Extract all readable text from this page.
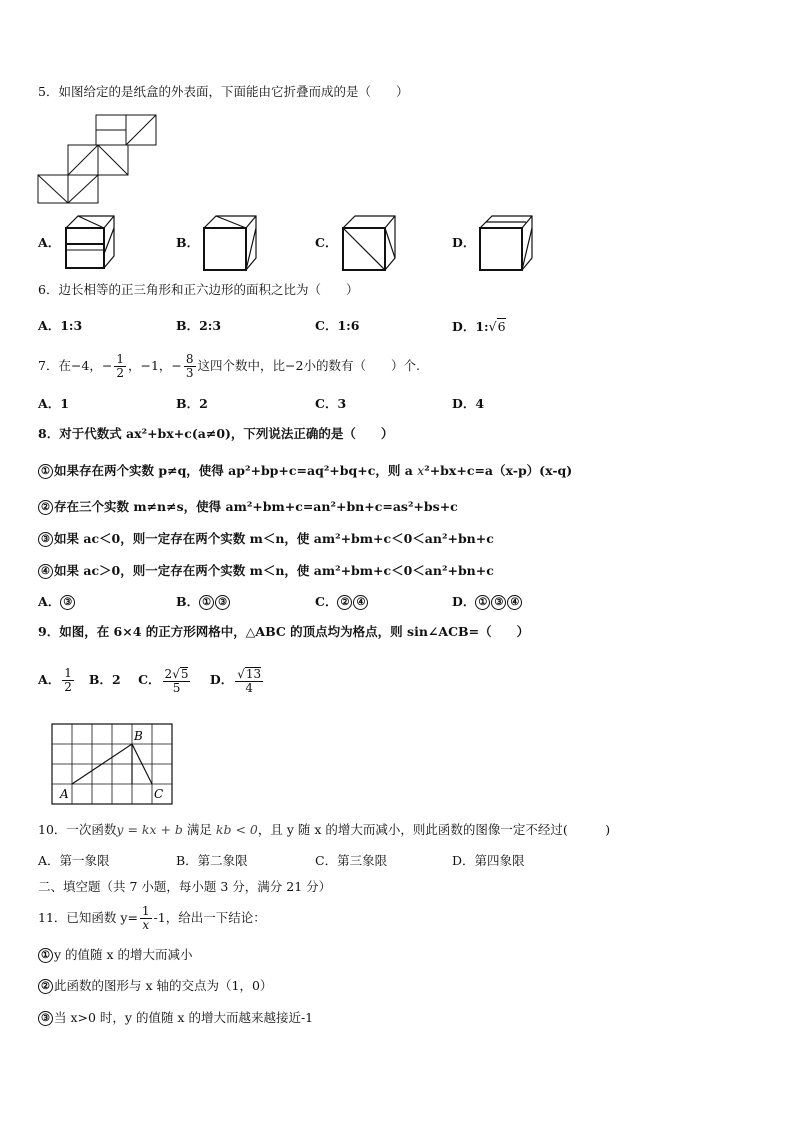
5．如图给定的是纸盒的外表面，下面能由它折叠而成的是（　　）
A．	B．	C．	D．
6．边长相等的正三角形和正六边形的面积之比为（　　）
A．1:3	B．2:3	C．1:6	D．1:√6
7．在−4，− $\frac{1}{2}$ ，−1，− $\frac{8}{3}$ 这四个数中，比−2小的数有（　　）个.
A．1	B．2	C．3	D．4
8．对于代数式 ax²+bx+c(a≠0)，下列说法正确的是（　　）
① 如果存在两个实数 p≠q，使得 ap²+bp+c=aq²+bq+c，则 a x²+bx+c=a（x-p）(x-q)
② 存在三个实数 m≠n≠s，使得 am²+bm+c=an²+bn+c=as²+bs+c
③ 如果 ac＜0，则一定存在两个实数 m＜n，使 am²+bm+c＜0＜an²+bn+c
④ 如果 ac＞0，则一定存在两个实数 m＜n，使 am²+bm+c＜0＜an²+bn+c
A． ③	B． ① ③	C． ② ④	D． ① ③ ④
9．如图，在 6×4 的正方形网格中，△ABC 的顶点均为格点，则 sin∠ACB=（　　）
A． $\frac{1}{2}$ B．2 C． $\frac{2√5}{5}$ D． $\frac{√13}{4}$
A
B
C
10．一次函数y = kx + b 满足 kb < 0，且 y 随 x 的增大而减小，则此函数的图像一定不经过(　　　)
A．第一象限	B．第二象限	C．第三象限	D．第四象限
二、填空题（共 7 小题，每小题 3 分，满分 21 分）
11．已知函数 $y= \frac{1}{x} -1$，给出一下结论：
① y 的值随 x 的增大而减小
② 此函数的图形与 x 轴的交点为（1，0）
③ 当 x>0 时，y 的值随 x 的增大而越来越接近-1
